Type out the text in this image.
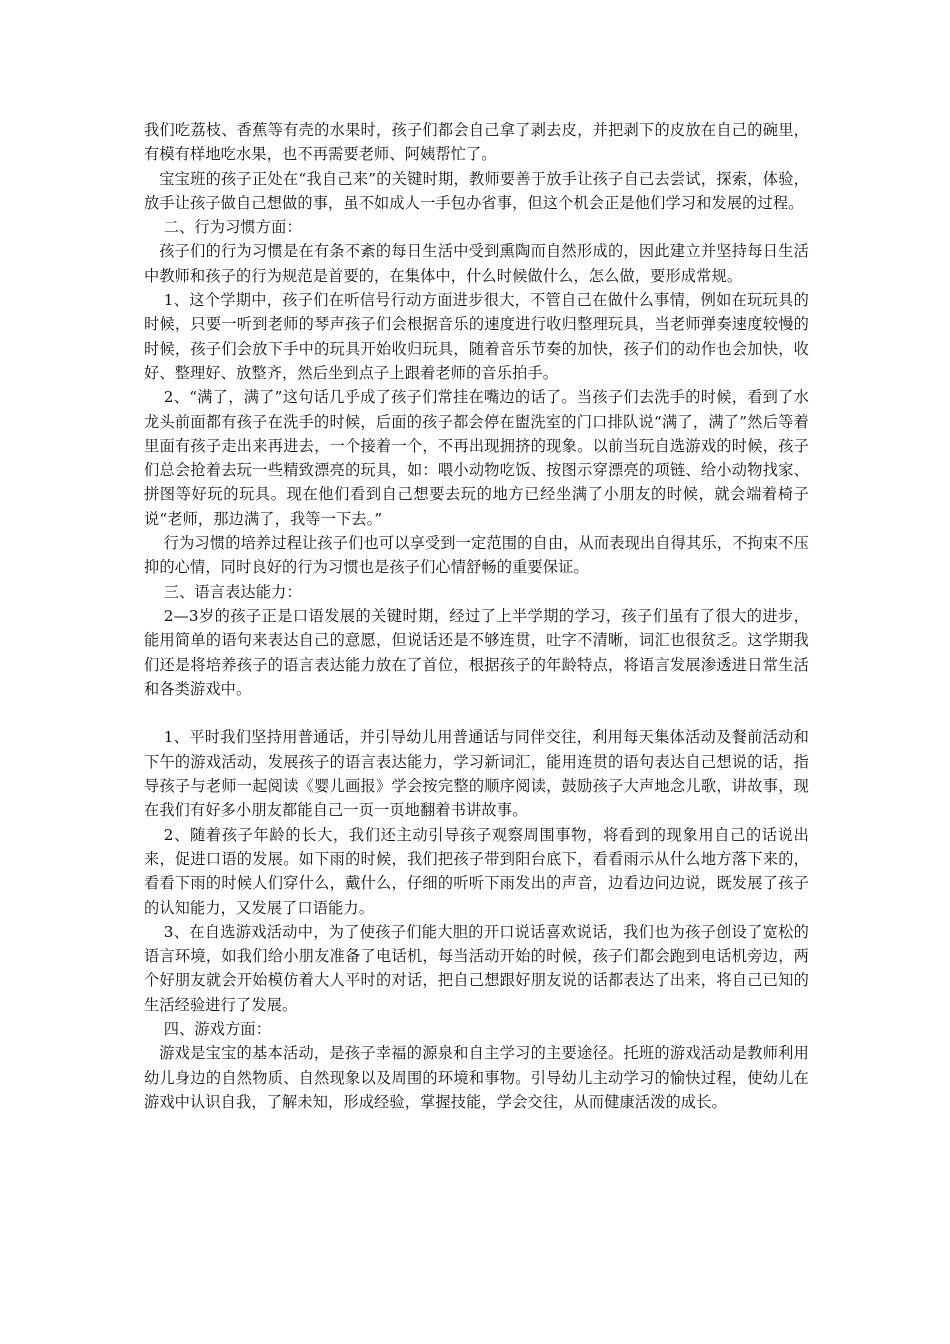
我们吃荔枝、香蕉等有壳的水果时，孩子们都会自己拿了剥去皮，并把剥下的皮放在自己的碗里，有模有样地吃水果，也不再需要老师、阿姨帮忙了。

宝宝班的孩子正处在“我自己来”的关键时期，教师要善于放手让孩子自己去尝试，探索，体验，放手让孩子做自己想做的事，虽不如成人一手包办省事，但这个机会正是他们学习和发展的过程。

二、行为习惯方面：

孩子们的行为习惯是在有条不紊的每日生活中受到熏陶而自然形成的，因此建立并坚持每日生活中教师和孩子的行为规范是首要的，在集体中，什么时候做什么，怎么做，要形成常规。

1、这个学期中，孩子们在听信号行动方面进步很大，不管自己在做什么事情，例如在玩玩具的时候，只要一听到老师的琴声孩子们会根据音乐的速度进行收归整理玩具，当老师弹奏速度较慢的时候，孩子们会放下手中的玩具开始收归玩具，随着音乐节奏的加快，孩子们的动作也会加快，收好、整理好、放整齐，然后坐到点子上跟着老师的音乐拍手。

2、“满了，满了”这句话几乎成了孩子们常挂在嘴边的话了。当孩子们去洗手的时候，看到了水龙头前面都有孩子在洗手的时候，后面的孩子都会停在盥洗室的门口排队说“满了，满了”然后等着里面有孩子走出来再进去，一个接着一个，不再出现拥挤的现象。以前当玩自选游戏的时候，孩子们总会抢着去玩一些精致漂亮的玩具，如：喂小动物吃饭、按图示穿漂亮的项链、给小动物找家、拼图等好玩的玩具。现在他们看到自己想要去玩的地方已经坐满了小朋友的时候，就会端着椅子说“老师，那边满了，我等一下去。”

行为习惯的培养过程让孩子们也可以享受到一定范围的自由，从而表现出自得其乐，不拘束不压抑的心情，同时良好的行为习惯也是孩子们心情舒畅的重要保证。

三、语言表达能力：

2—3岁的孩子正是口语发展的关键时期，经过了上半学期的学习，孩子们虽有了很大的进步，能用简单的语句来表达自己的意愿，但说话还是不够连贯，吐字不清晰，词汇也很贫乏。这学期我们还是将培养孩子的语言表达能力放在了首位，根据孩子的年龄特点，将语言发展渗透进日常生活和各类游戏中。

1、平时我们坚持用普通话，并引导幼儿用普通话与同伴交往，利用每天集体活动及餐前活动和下午的游戏活动，发展孩子的语言表达能力，学习新词汇，能用连贯的语句表达自己想说的话，指导孩子与老师一起阅读《婴儿画报》学会按完整的顺序阅读，鼓励孩子大声地念儿歌，讲故事，现在我们有好多小朋友都能自己一页一页地翻着书讲故事。

2、随着孩子年龄的长大，我们还主动引导孩子观察周围事物，将看到的现象用自己的话说出来，促进口语的发展。如下雨的时候，我们把孩子带到阳台底下，看看雨示从什么地方落下来的，看看下雨的时候人们穿什么，戴什么，仔细的听听下雨发出的声音，边看边问边说，既发展了孩子的认知能力，又发展了口语能力。

3、在自选游戏活动中，为了使孩子们能大胆的开口说话喜欢说话，我们也为孩子创设了宽松的语言环境，如我们给小朋友准备了电话机，每当活动开始的时候，孩子们都会跑到电话机旁边，两个好朋友就会开始模仿着大人平时的对话，把自己想跟好朋友说的话都表达了出来，将自己已知的生活经验进行了发展。

四、游戏方面：

游戏是宝宝的基本活动，是孩子幸福的源泉和自主学习的主要途径。托班的游戏活动是教师利用幼儿身边的自然物质、自然现象以及周围的环境和事物。引导幼儿主动学习的愉快过程，使幼儿在游戏中认识自我，了解未知，形成经验，掌握技能，学会交往，从而健康活泼的成长。
